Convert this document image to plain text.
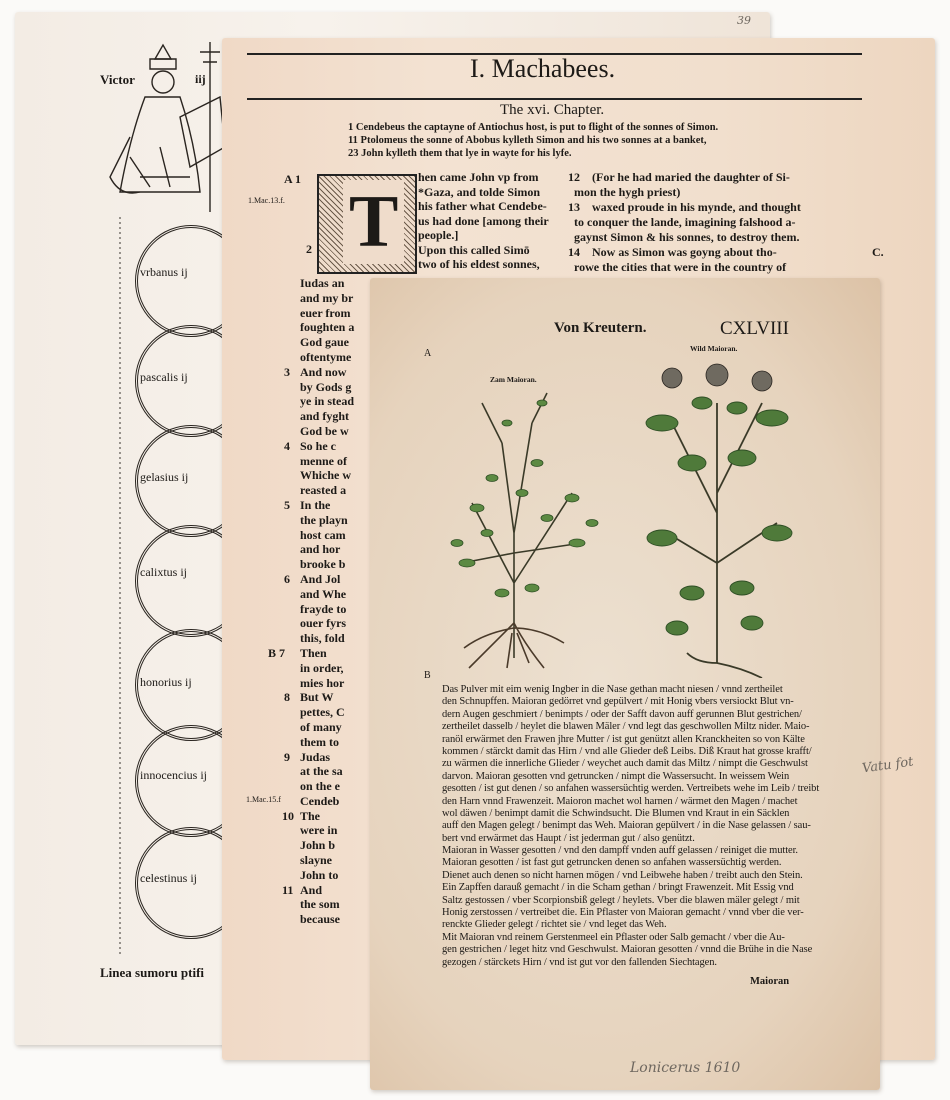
39
Victor	iij
vrbanus ij
pascalis ij
gelasius ij
calixtus ij
honorius ij
innocencius ij
celestinus ij
Linea sumoru ptifi
I. Machabees.
The xvi. Chapter.
1 Cendebeus the captayne of Antiochus host, is put to flight of the sonnes of Simon.
11 Ptolomeus the sonne of Abobus kylleth Simon and his two sonnes at a banket,
23 John kylleth them that lye in wayte for his lyfe.
A 1
1.Mac.13.f. T
hen came John vp from
*Gaza, and tolde Simon
his father what Cendebe-
us had done [among their
people.]
Upon this called Simō
two of his eldest sonnes,
2
Iudas an
and my br
euer from
foughten a
God gaue
oftentyme
And now
by Gods g
ye in stead
and fyght
God be w
So he c
menne of
Whiche w
reasted a
In the
the playn
host cam
and hor
brooke b
And Jol
and Whe
frayde to
ouer fyrs
this, fold
Then
in order,
mies hor
But W
pettes, C
of many
them to
Judas
at the sa
on the e
Cendeb
The
were in
John b
slayne
John to
And
the som
because
3
4
5
6
B 7
8
9
1.Mac.15.f
10
11
(For he had maried the daughter of Si-
mon the hygh priest)
waxed proude in his mynde, and thought
to conquer the lande, imagining falshood a-
gaynst Simon & his sonnes, to destroy them.
Now as Simon was goyng about tho-
rowe the cities that were in the country of
12
13
14	C.
Von Kreutern.	CXLVIII
Wild Maioran.
Zam Maioran.
A
B
Das Pulver mit eim wenig Ingber in die Nase gethan macht niesen / vnnd zertheilet
den Schnupffen. Maioran gedörret vnd gepülvert / mit Honig vbers versiockt Blut vn-
dern Augen geschmiert / benimpts / oder der Safft davon auff gerunnen Blut gestrichen/
zertheilet dasselb / heylet die blawen Mäler / vnd legt das geschwollen Miltz nider. Maio-
ranöl erwärmet den Frawen jhre Mutter / ist gut genützt allen Kranckheiten so von Kälte
kommen / stärckt damit das Hirn / vnd alle Glieder deß Leibs. Diß Kraut hat grosse krafft/
zu wärmen die innerliche Glieder / weychet auch damit das Miltz / nimpt die Geschwulst
darvon. Maioran gesotten vnd getruncken / nimpt die Wassersucht. In weissem Wein
gesotten / ist gut denen / so anfahen wassersüchtig werden. Vertreibets wehe im Leib / treibt
den Harn vnnd Frawenzeit. Maioron machet wol harnen / wärmet den Magen / machet
wol däwen / benimpt damit die Schwindsucht. Die Blumen vnd Kraut in ein Säcklen
auff den Magen gelegt / benimpt das Weh. Maioran gepülvert / in die Nase gelassen / sau-
bert vnd erwärmet das Haupt / ist jederman gut / also genützt.
Maioran in Wasser gesotten / vnd den dampff vnden auff gelassen / reiniget die mutter.
Maioran gesotten / ist fast gut getruncken denen so anfahen wassersüchtig werden.
Dienet auch denen so nicht harnen mögen / vnd Leibwehe haben / treibt auch den Stein.
Ein Zapffen darauß gemacht / in die Scham gethan / bringt Frawenzeit. Mit Essig vnd
Saltz gestossen / vber Scorpionsbiß gelegt / heylets. Vber die blawen mäler gelegt / mit
Honig zerstossen / vertreibet die. Ein Pflaster von Maioran gemacht / vnnd vber die ver-
renckte Glieder gelegt / richtet sie / vnd leget das Weh.
Mit Maioran vnd reinem Gerstenmeel ein Pflaster oder Salb gemacht / vber die Au-
gen gestrichen / leget hitz vnd Geschwulst. Maioran gesotten / vnnd die Brühe in die Nase
gezogen / stärckets Hirn / vnd ist gut vor den fallenden Siechtagen.
Maioran
Lonicerus 1610
Vatu fot
